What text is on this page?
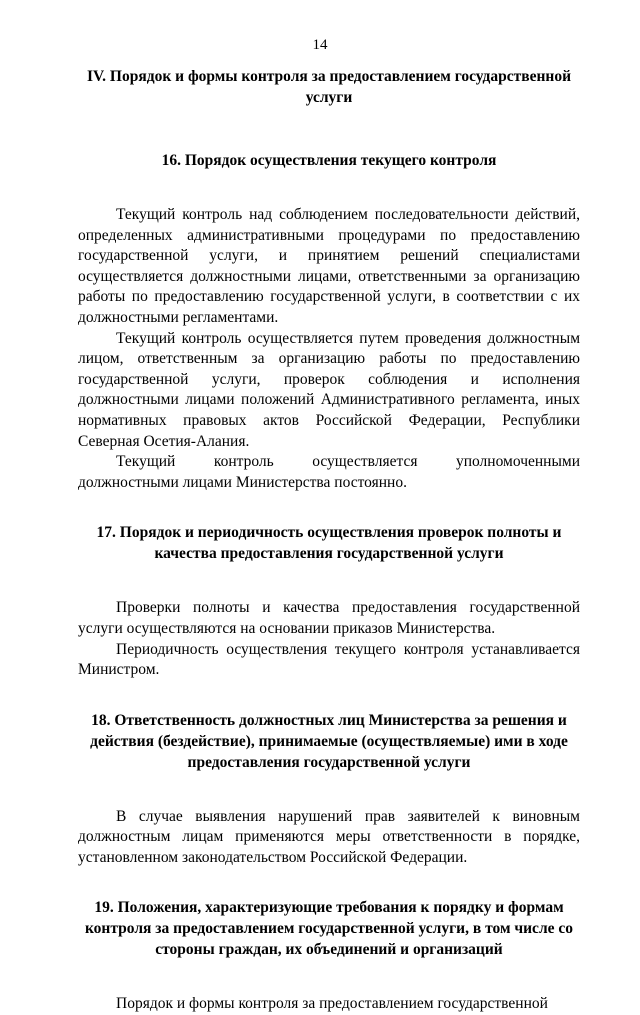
14
IV. Порядок и формы контроля за предоставлением государственной услуги
16. Порядок осуществления текущего контроля

Текущий контроль над соблюдением последовательности действий, определенных административными процедурами по предоставлению государственной услуги, и принятием решений специалистами осуществляется должностными лицами, ответственными за организацию работы по предоставлению государственной услуги, в соответствии с их должностными регламентами.

Текущий контроль осуществляется путем проведения должностным лицом, ответственным за организацию работы по предоставлению государственной услуги, проверок соблюдения и исполнения должностными лицами положений Административного регламента, иных нормативных правовых актов Российской Федерации, Республики Северная Осетия-Алания.

Текущий контроль осуществляется уполномоченными должностными лицами Министерства постоянно.

17. Порядок и периодичность осуществления проверок полноты и качества предоставления государственной услуги

Проверки полноты и качества предоставления государственной услуги осуществляются на основании приказов Министерства.

Периодичность осуществления текущего контроля устанавливается Министром.

18. Ответственность должностных лиц Министерства за решения и действия (бездействие), принимаемые (осуществляемые) ими в ходе предоставления государственной услуги

В случае выявления нарушений прав заявителей к виновным должностным лицам применяются меры ответственности в порядке, установленном законодательством Российской Федерации.

19. Положения, характеризующие требования к порядку и формам контроля за предоставлением государственной услуги, в том числе со стороны граждан, их объединений и организаций

Порядок и формы контроля за предоставлением государственной
